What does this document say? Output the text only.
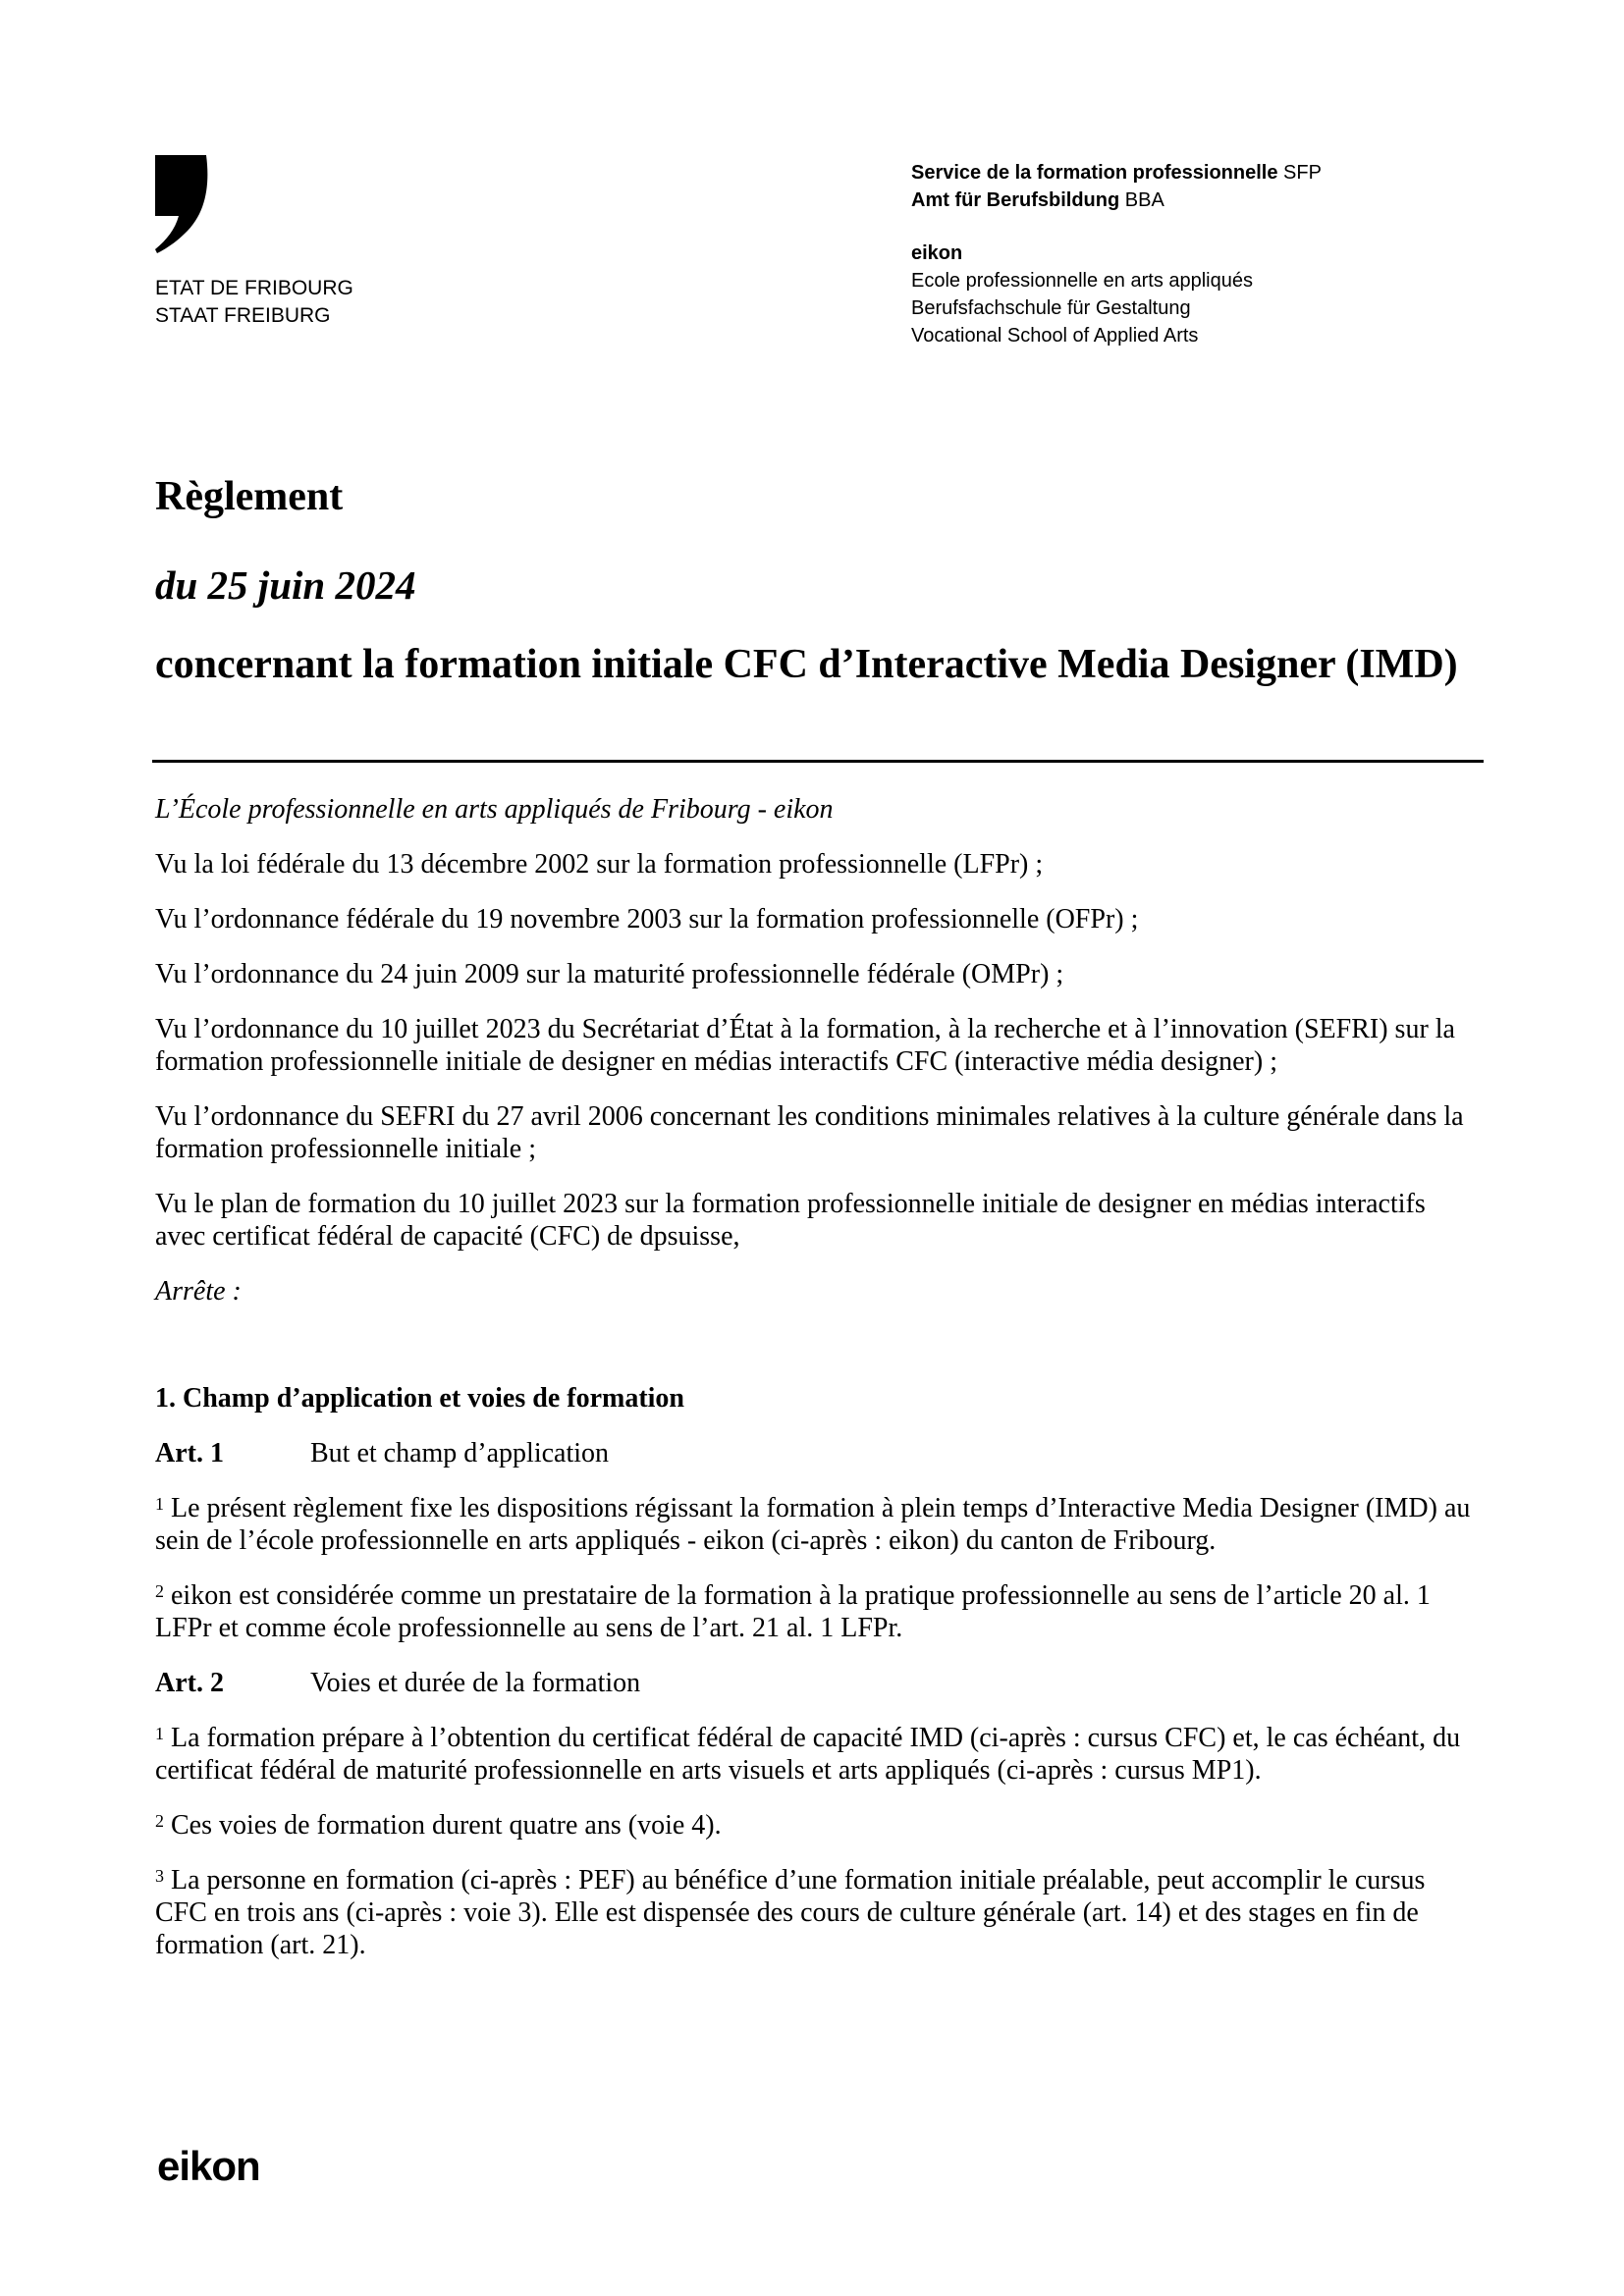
ETAT DE FRIBOURG
STAAT FREIBURG
Service de la formation professionnelle SFP
Amt für Berufsbildung BBA
eikon
Ecole professionnelle en arts appliqués
Berufsfachschule für Gestaltung
Vocational School of Applied Arts
Règlement
du 25 juin 2024
concernant la formation initiale CFC d’Interactive Media Designer (IMD)

L’École professionnelle en arts appliqués de Fribourg - eikon

Vu la loi fédérale du 13 décembre 2002 sur la formation professionnelle (LFPr) ;

Vu l’ordonnance fédérale du 19 novembre 2003 sur la formation professionnelle (OFPr) ;

Vu l’ordonnance du 24 juin 2009 sur la maturité professionnelle fédérale (OMPr) ;

Vu l’ordonnance du 10 juillet 2023 du Secrétariat d’État à la formation, à la recherche et à l’innovation (SEFRI) sur la formation professionnelle initiale de designer en médias interactifs CFC (interactive média designer) ;

Vu l’ordonnance du SEFRI du 27 avril 2006 concernant les conditions minimales relatives à la culture générale dans la formation professionnelle initiale ;

Vu le plan de formation du 10 juillet 2023 sur la formation professionnelle initiale de designer en médias interactifs avec certificat fédéral de capacité (CFC) de dpsuisse,

Arrête :

1. Champ d’application et voies de formation

Art. 1	But et champ d’application

$^1$ Le présent règlement fixe les dispositions régissant la formation à plein temps d’Interactive Media Designer (IMD) au sein de l’école professionnelle en arts appliqués - eikon (ci-après : eikon) du canton de Fribourg.

$^2$ eikon est considérée comme un prestataire de la formation à la pratique professionnelle au sens de l’article 20 al. 1 LFPr et comme école professionnelle au sens de l’art. 21 al. 1 LFPr.

Art. 2	Voies et durée de la formation

$^1$ La formation prépare à l’obtention du certificat fédéral de capacité IMD (ci-après : cursus CFC) et, le cas échéant, du certificat fédéral de maturité professionnelle en arts visuels et arts appliqués (ci-après : cursus MP1).

$^2$ Ces voies de formation durent quatre ans (voie 4).

$^3$ La personne en formation (ci-après : PEF) au bénéfice d’une formation initiale préalable, peut accomplir le cursus CFC en trois ans (ci-après : voie 3). Elle est dispensée des cours de culture générale (art. 14) et des stages en fin de formation (art. 21).

eikon
